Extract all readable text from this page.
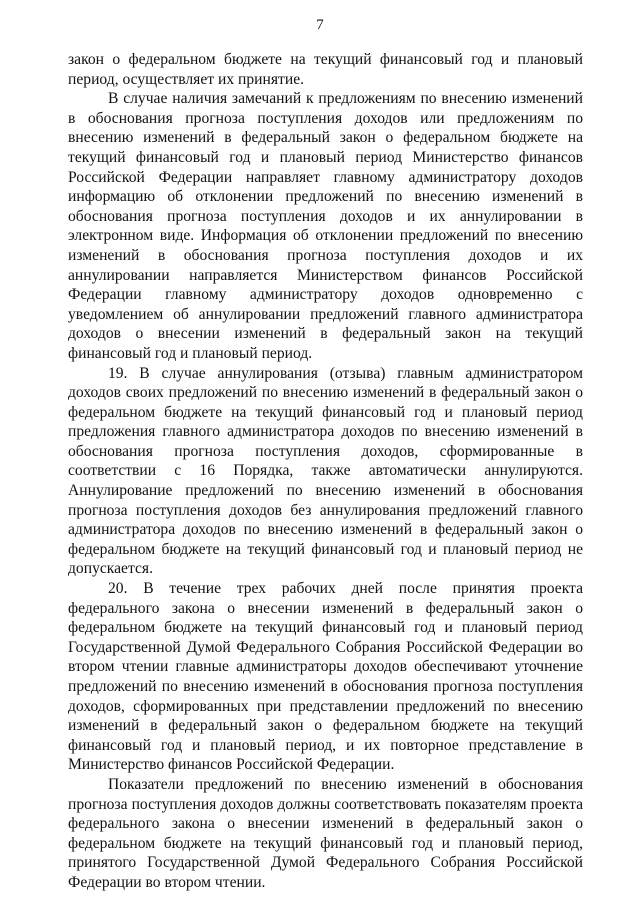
7

закон о федеральном бюджете на текущий финансовый год и плановый период, осуществляет их принятие.

В случае наличия замечаний к предложениям по внесению изменений в обоснования прогноза поступления доходов или предложениям по внесению изменений в федеральный закон о федеральном бюджете на текущий финансовый год и плановый период Министерство финансов Российской Федерации направляет главному администратору доходов информацию об отклонении предложений по внесению изменений в обоснования прогноза поступления доходов и их аннулировании в электронном виде. Информация об отклонении предложений по внесению изменений в обоснования прогноза поступления доходов и их аннулировании направляется Министерством финансов Российской Федерации главному администратору доходов одновременно с уведомлением об аннулировании предложений главного администратора доходов о внесении изменений в федеральный закон на текущий финансовый год и плановый период.

19. В случае аннулирования (отзыва) главным администратором доходов своих предложений по внесению изменений в федеральный закон о федеральном бюджете на текущий финансовый год и плановый период предложения главного администратора доходов по внесению изменений в обоснования прогноза поступления доходов, сформированные в соответствии с 16 Порядка, также автоматически аннулируются. Аннулирование предложений по внесению изменений в обоснования прогноза поступления доходов без аннулирования предложений главного администратора доходов по внесению изменений в федеральный закон о федеральном бюджете на текущий финансовый год и плановый период не допускается.

20. В течение трех рабочих дней после принятия проекта федерального закона о внесении изменений в федеральный закон о федеральном бюджете на текущий финансовый год и плановый период Государственной Думой Федерального Собрания Российской Федерации во втором чтении главные администраторы доходов обеспечивают уточнение предложений по внесению изменений в обоснования прогноза поступления доходов, сформированных при представлении предложений по внесению изменений в федеральный закон о федеральном бюджете на текущий финансовый год и плановый период, и их повторное представление в Министерство финансов Российской Федерации.

Показатели предложений по внесению изменений в обоснования прогноза поступления доходов должны соответствовать показателям проекта федерального закона о внесении изменений в федеральный закон о федеральном бюджете на текущий финансовый год и плановый период, принятого Государственной Думой Федерального Собрания Российской Федерации во втором чтении.
